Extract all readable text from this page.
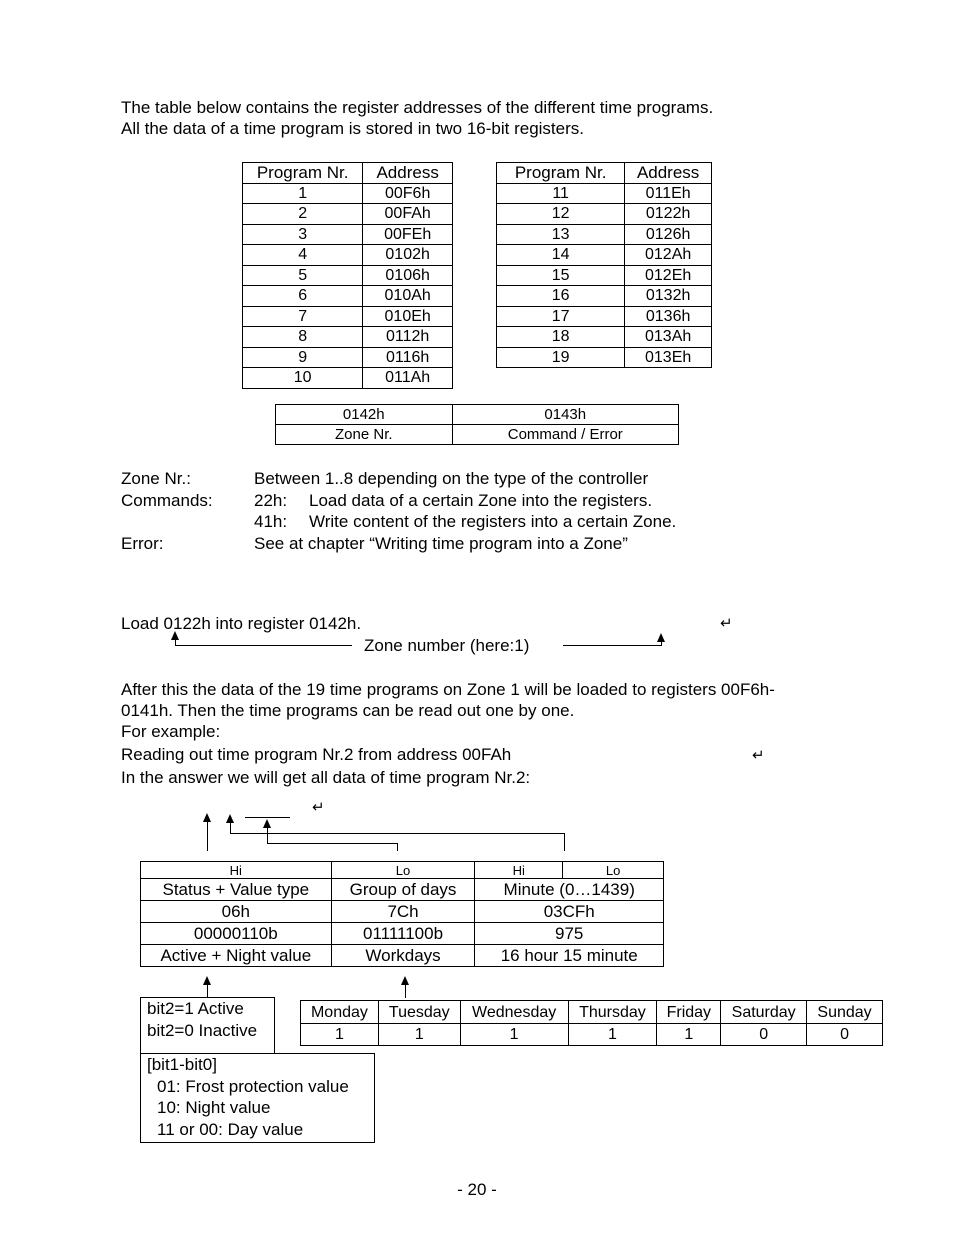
The table below contains the register addresses of the different time programs.
All the data of a time program is stored in two 16-bit registers.
Program Nr.	Address
1	00F6h
2	00FAh
3	00FEh
4	0102h
5	0106h
6	010Ah
7	010Eh
8	0112h
9	0116h
10	011Ah
Program Nr.	Address
11	011Eh
12	0122h
13	0126h
14	012Ah
15	012Eh
16	0132h
17	0136h
18	013Ah
19	013Eh
0142h	0143h
Zone Nr.	Command / Error
Zone Nr.:	Between 1..8 depending on the type of the controller
Commands: 22h: Load data of a certain Zone into the registers.
41h: Write content of the registers into a certain Zone.
Error:	See at chapter “Writing time program into a Zone”
Load 0122h into register 0142h.	↵
Zone number (here:1)
After this the data of the 19 time programs on Zone 1 will be loaded to registers 00F6h-
0141h. Then the time programs can be read out one by one.
For example:
Reading out time program Nr.2 from address 00FAh	↵
In the answer we will get all data of time program Nr.2:
↵
Hi	Lo	Hi	Lo
Status + Value type	Group of days	Minute (0…1439)	
06h	7Ch	03CFh	
00000110b	01111100b	975	
Active + Night value	Workdays	16 hour 15 minute	
bit2=1 Active
bit2=0 Inactive
[bit1-bit0]
01: Frost protection value
10: Night value
11 or 00: Day value
Monday	Tuesday	Wednesday	Thursday	Friday	Saturday	Sunday
1	1	1	1	1	0	0
- 20 -
